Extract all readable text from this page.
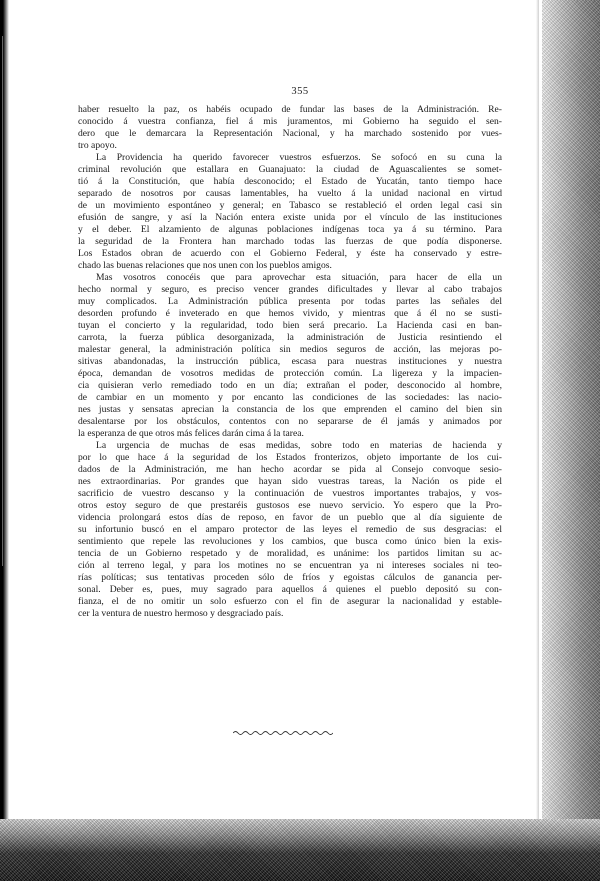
355
haber resuelto la paz, os habéis ocupado de fundar las bases de la Administración. Re-
conocido á vuestra confianza, fiel á mis juramentos, mi Gobierno ha seguido el sen-
dero que le demarcara la Representación Nacional, y ha marchado sostenido por vues-
tro apoyo.
La Providencia ha querido favorecer vuestros esfuerzos. Se sofocó en su cuna la
criminal revolución que estallara en Guanajuato: la ciudad de Aguascalientes se somet-
tió á la Constitución, que había desconocido; el Estado de Yucatán, tanto tiempo hace
separado de nosotros por causas lamentables, ha vuelto á la unidad nacional en virtud
de un movimiento espontáneo y general; en Tabasco se restableció el orden legal casi sin
efusión de sangre, y así la Nación entera existe unida por el vínculo de las instituciones
y el deber. El alzamiento de algunas poblaciones indígenas toca ya á su término. Para
la seguridad de la Frontera han marchado todas las fuerzas de que podía disponerse.
Los Estados obran de acuerdo con el Gobierno Federal, y éste ha conservado y estre-
chado las buenas relaciones que nos unen con los pueblos amigos.
Mas vosotros conocéis que para aprovechar esta situación, para hacer de ella un
hecho normal y seguro, es preciso vencer grandes dificultades y llevar al cabo trabajos
muy complicados. La Administración pública presenta por todas partes las señales del
desorden profundo é inveterado en que hemos vivido, y mientras que á él no se susti-
tuyan el concierto y la regularidad, todo bien será precario. La Hacienda casi en ban-
carrota, la fuerza pública desorganizada, la administración de Justicia resintiendo el
malestar general, la administración política sin medios seguros de acción, las mejoras po-
sitivas abandonadas, la instrucción pública, escasa para nuestras instituciones y nuestra
época, demandan de vosotros medidas de protección común. La ligereza y la impacien-
cia quisieran verlo remediado todo en un día; extrañan el poder, desconocido al hombre,
de cambiar en un momento y por encanto las condiciones de las sociedades: las nacio-
nes justas y sensatas aprecian la constancia de los que emprenden el camino del bien sin
desalentarse por los obstáculos, contentos con no separarse de él jamás y animados por
la esperanza de que otros más felices darán cima á la tarea.
La urgencia de muchas de esas medidas, sobre todo en materias de hacienda y
por lo que hace á la seguridad de los Estados fronterizos, objeto importante de los cui-
dados de la Administración, me han hecho acordar se pida al Consejo convoque sesio-
nes extraordinarias. Por grandes que hayan sido vuestras tareas, la Nación os pide el
sacrificio de vuestro descanso y la continuación de vuestros importantes trabajos, y vos-
otros estoy seguro de que prestaréis gustosos ese nuevo servicio. Yo espero que la Pro-
videncia prolongará estos días de reposo, en favor de un pueblo que al día siguiente de
su infortunio buscó en el amparo protector de las leyes el remedio de sus desgracias: el
sentimiento que repele las revoluciones y los cambios, que busca como único bien la exis-
tencia de un Gobierno respetado y de moralidad, es unánime: los partidos limitan su ac-
ción al terreno legal, y para los motines no se encuentran ya ni intereses sociales ni teo-
rías políticas; sus tentativas proceden sólo de fríos y egoistas cálculos de ganancia per-
sonal. Deber es, pues, muy sagrado para aquellos á quienes el pueblo depositó su con-
fianza, el de no omitir un solo esfuerzo con el fin de asegurar la nacionalidad y estable-
cer la ventura de nuestro hermoso y desgraciado país.
